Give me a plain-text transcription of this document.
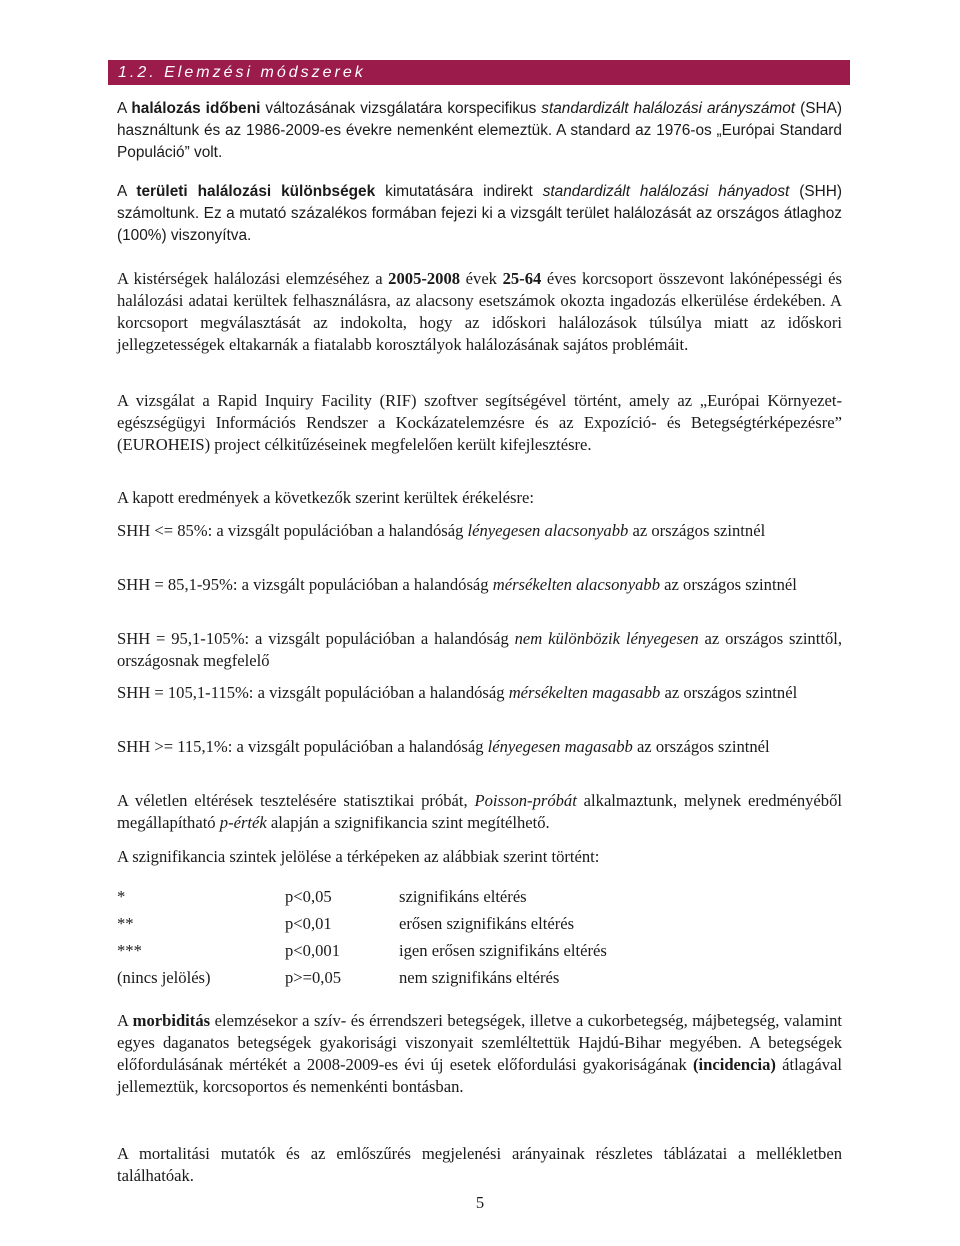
1.2. Elemzési módszerek

A halálozás időbeni változásának vizsgálatára korspecifikus standardizált halálozási arányszámot (SHA) használtunk és az 1986-2009-es évekre nemenként elemeztük. A standard az 1976-os „Európai Standard Populáció” volt.

A területi halálozási különbségek kimutatására indirekt standardizált halálozási hányadost (SHH) számoltunk. Ez a mutató százalékos formában fejezi ki a vizsgált terület halálozását az országos átlaghoz (100%) viszonyítva.

A kistérségek halálozási elemzéséhez a 2005-2008 évek 25-64 éves korcsoport összevont lakónépességi és halálozási adatai kerültek felhasználásra, az alacsony esetszámok okozta ingadozás elkerülése érdekében. A korcsoport megválasztását az indokolta, hogy az időskori halálozások túlsúlya miatt az időskori jellegzetességek eltakarnák a fiatalabb korosztályok halálozásának sajátos problémáit.

A vizsgálat a Rapid Inquiry Facility (RIF) szoftver segítségével történt, amely az „Európai Környezet-egészségügyi Információs Rendszer a Kockázatelemzésre és az Expozíció- és Betegségtérképezésre” (EUROHEIS) project célkitűzéseinek megfelelően került kifejlesztésre.

A kapott eredmények a következők szerint kerültek érékelésre:

SHH <= 85%: a vizsgált populációban a halandóság lényegesen alacsonyabb az országos szintnél

SHH = 85,1-95%: a vizsgált populációban a halandóság mérsékelten alacsonyabb az országos szintnél

SHH = 95,1-105%: a vizsgált populációban a halandóság nem különbözik lényegesen az országos szinttől, országosnak megfelelő

SHH = 105,1-115%: a vizsgált populációban a halandóság mérsékelten magasabb az országos szintnél

SHH >= 115,1%: a vizsgált populációban a halandóság lényegesen magasabb az országos szintnél

A véletlen eltérések tesztelésére statisztikai próbát, Poisson-próbát alkalmaztunk, melynek eredményéből megállapítható p-érték alapján a szignifikancia szint megítélhető.

A szignifikancia szintek jelölése a térképeken az alábbiak szerint történt:

*	p<0,05	szignifikáns eltérés
**	p<0,01	erősen szignifikáns eltérés
***	p<0,001	igen erősen szignifikáns eltérés
(nincs jelölés)	p>=0,05	nem szignifikáns eltérés

A morbiditás elemzésekor a szív- és érrendszeri betegségek, illetve a cukorbetegség, májbetegség, valamint egyes daganatos betegségek gyakorisági viszonyait szemléltettük Hajdú-Bihar megyében. A betegségek előfordulásának mértékét a 2008-2009-es évi új esetek előfordulási gyakoriságának (incidencia) átlagával jellemeztük, korcsoportos és nemenkénti bontásban.

A mortalitási mutatók és az emlőszűrés megjelenési arányainak részletes táblázatai a mellékletben találhatóak.

5
